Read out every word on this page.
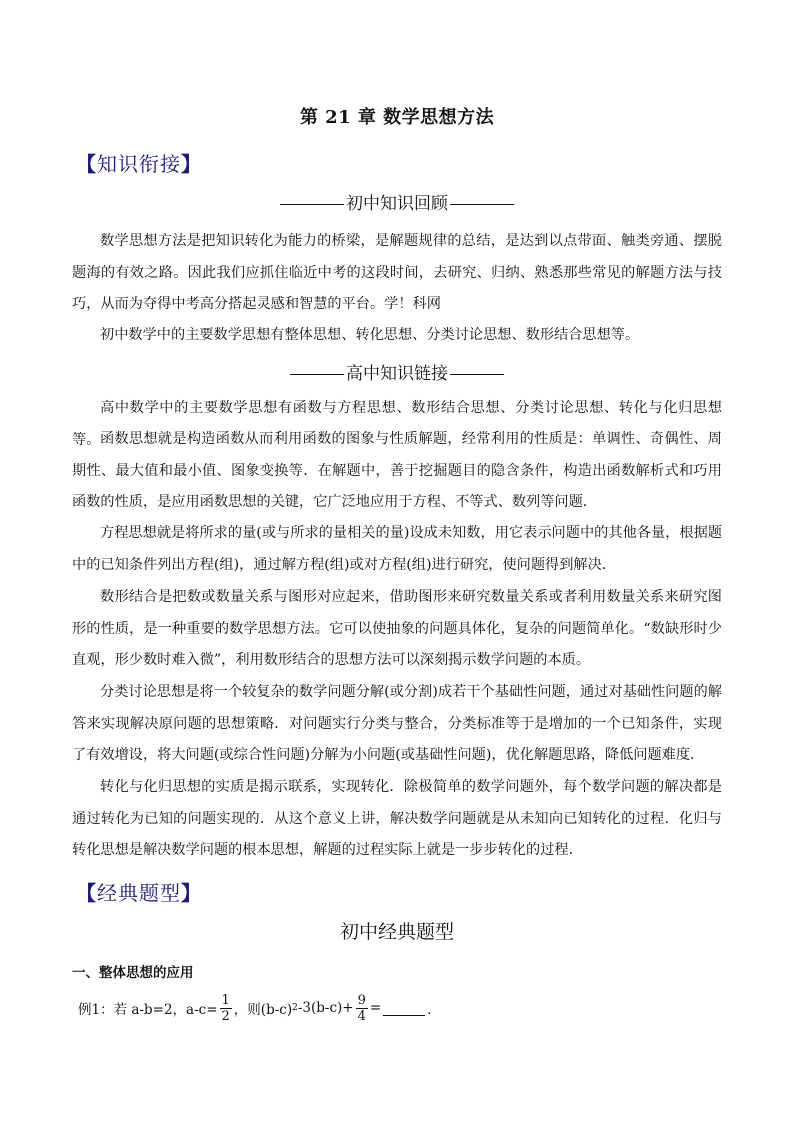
第 21 章 数学思想方法
【知识衔接】
初中知识回顾
数学思想方法是把知识转化为能力的桥梁，是解题规律的总结，是达到以点带面、触类旁通、摆脱题海的有效之路。因此我们应抓住临近中考的这段时间，去研究、归纳、熟悉那些常见的解题方法与技巧，从而为夺得中考高分搭起灵感和智慧的平台。学！科网
初中数学中的主要数学思想有整体思想、转化思想、分类讨论思想、数形结合思想等。
高中知识链接
高中数学中的主要数学思想有函数与方程思想、数形结合思想、分类讨论思想、转化与化归思想等。 函数思想就是构造函数从而利用函数的图象与性质解题，经常利用的性质是：单调性、奇偶性、周期性、最大值和最小值、图象变换等．在解题中，善于挖掘题目的隐含条件，构造出函数解析式和巧用函数的性质，是应用函数思想的关键，它广泛地应用于方程、不等式、数列等问题．
方程思想就是将所求的量(或与所求的量相关的量)设成未知数，用它表示问题中的其他各量，根据题中的已知条件列出方程(组)，通过解方程(组)或对方程(组)进行研究，使问题得到解决．
数形结合是把数或数量关系与图形对应起来，借助图形来研究数量关系或者利用数量关系来研究图形的性质，是一种重要的数学思想方法。它可以使抽象的问题具体化，复杂的问题简单化。“数缺形时少直观，形少数时难入微”，利用数形结合的思想方法可以深刻揭示数学问题的本质。
分类讨论思想是将一个较复杂的数学问题分解(或分割)成若干个基础性问题，通过对基础性问题的解答来实现解决原问题的思想策略．对问题实行分类与整合，分类标准等于是增加的一个已知条件，实现了有效增设，将大问题(或综合性问题)分解为小问题(或基础性问题)，优化解题思路，降低问题难度．
转化与化归思想的实质是揭示联系，实现转化．除极简单的数学问题外，每个数学问题的解决都是通过转化为已知的问题实现的．从这个意义上讲，解决数学问题就是从未知向已知转化的过程．化归与转化思想是解决数学问题的根本思想，解题的过程实际上就是一步步转化的过程．
【经典题型】
初中经典题型
一、整体思想的应用
例1：若 a-b=2，$a-c= \frac{1}{2}$ ，则(b-c) 2 $-3(b-c)+ \frac{9}{4}$ =	．
